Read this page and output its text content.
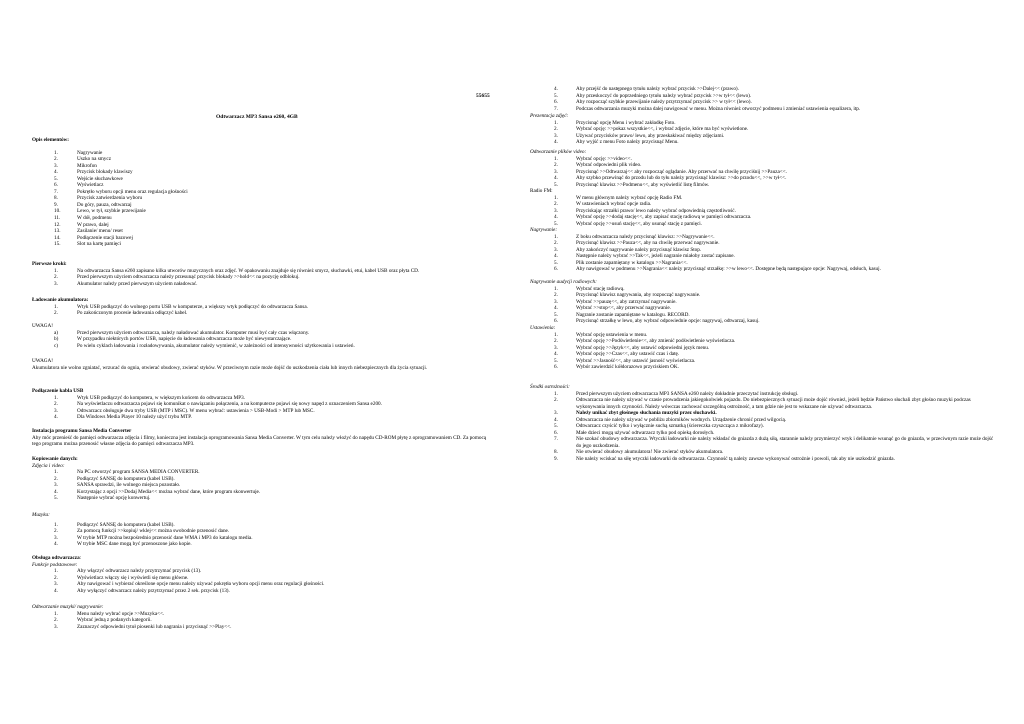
55655
Odtwarzacz MP3 Sansa e260, 4GB
Opis elementów:
1.	Nagrywanie
2.	Uszko na smycz
3.	Mikrofon
4.	Przycisk blokady klawiszy
5.	Wejście słuchawkowe
6.	Wyświetlacz
7.	Pokrętło wyboru opcji menu oraz regulacja głośności
8.	Przycisk zatwierdzenia wyboru
9.	Do góry, pauza, odtwarzaj
10.	Lewo, w tył, szybkie przewijanie
11.	W dół, podmenu
12.	W prawo, dalej
13.	Zasilanie/ menu/ reset
14.	Podłączenie stacji bazowej
15.	Slot na kartę pamięci
Pierwsze kroki:
1.	Na odtwarzacza Sansa e260 zapisano kilka utworów muzycznych oraz zdjęć. W opakowaniu znajduje się również smycz, słuchawki, etui, kabel USB oraz płyta CD.
2.	Przed pierwszym użyciem odtwarzacza należy przesunąć przycisk blokady >>hold<< na pozycję odblokuj.
3.	Akumulator należy przed pierwszym użyciem naładować.
Ładowanie akumulatora:
1.	Wtyk USB podłączyć do wolnego portu USB w komputerze, a większy wtyk podłączyć do odtwarzacza Sansa.
2.	Po zakończonym procesie ładowania odłączyć kabel.
UWAGA!
a)	Przed pierwszym użyciem odtwarzacza, należy naładować akumulator. Komputer musi być cały czas włączony.
b)	W przypadku niektórych portów USB, napięcie do ładowania odtwarzacza może być niewystarczające.
c)	Po wielu cyklach ładowania i rozładowywania, akumulator należy wymienić, w zależności od intensywności użytkowania i ustawień.
UWAGA!

Akumulatora nie wolno zgniatać, wrzucać do ognia, otwierać obudowy, zwierać styków. W przeciwnym razie może dojść do uszkodzenia ciała lub innych niebezpiecznych dla życia sytuacji.

Podłączenie kabla USB
1.	Wtyk USB podłączyć do komputera, w większym końcem do odtwarzacza MP3.
2.	Na wyświetlaczu odtwarzacza pojawi się komunikat o nawiązaniu połączenia, a na komputerze pojawi się nowy napęd z oznaczeniem Sansa e200.
3.	Odtwarzacz obsługuje dwa tryby USB (MTP i MSC). W menu wybrać: ustawienia > USB-Modi > MTP lub MSC.
4.	Dla Windows Media Player 10 należy użyć trybu MTP.
Instalacja programu Sansa Media Converter

Aby móc przenieść do pamięci odtwarzacza zdjęcia i filmy, konieczna jest instalacja oprogramowania Sansa Media Converter. W tym celu należy włożyć do napędu CD-ROM płytę z oprogramowaniem CD. Za pomocą tego programu można przenosić własne zdjęcia do pamięci odtwarzacza MP3.

Kopiowanie danych:
Zdjęcia i video:
1.	Na PC otworzyć program SANSA MEDIA CONVERTER.
2.	Podłączyć SANSĘ do komputera (kabel USB).
3.	SANSA sprawdzi, ile wolnego miejsca pozostało.
4.	Korzystając z opcji >>Dodaj Media<< można wybrać dane, które program skonwertuje.
5.	Następnie wybrać opcję konwertuj.
Muzyka:
1.	Podłączyć SANSĘ do komputera (kabel USB).
2.	Za pomocą funkcji >>kopiuj/ wklej<< można swobodnie przenosić dane.
3.	W trybie MTP można bezpośrednio przenosić dane WMA i MP3 do katalogu media.
4.	W trybie MSC dane mogą być przenoszone jako kopie.
Obsługa odtwarzacza:
Funkcje podstawowe:
1.	Aby włączyć odtwarzacz należy przytrzymać przycisk (13).
2.	Wyświetlacz włączy się i wyświetli się menu główne.
3.	Aby nawigować i wybierać określone opcje menu należy używać pokrętła wyboru opcji menu oraz regulacji głośności.
4.	Aby wyłączyć odtwarzacz należy przytrzymać przez 2 sek. przycisk (13).
Odtwarzanie muzyki/ nagrywanie:
1.	Menu należy wybrać opcje >>Muzyka<<.
2.	Wybrać jedną z podanych kategorii.
3.	Zaznaczyć odpowiedni tytuł piosenki lub nagrania i przycisnąć >>Play<<.
4.	Aby przejść do następnego tytułu należy wybrać przycisk >>Dalej<< (prawo).
5.	Aby przeskoczyć do poprzedniego tytułu należy wybrać przycisk >>w tył<< (lewo).
6.	Aby rozpocząć szybkie przewijanie należy przytrzymać przycisk >> w tył<< (lewo).
7.	Podczas odtwarzania muzyki można dalej nawigować w menu. Można również otworzyć podmenu i zmieniać ustawienia equalizera, itp.
Prezentacja zdjęć:
1.	Przycisnąć opcję Menu i wybrać zakładkę Foto.
2.	Wybrać opcję: >>pokaz wszystkie<<, i wybrać zdjęcie, które ma być wyświetlone.
3.	Używać przycisków prawo/ lewo, aby przeskakiwać między zdjęciami.
4.	Aby wyjść z menu Foto należy przycisnąć Menu.
Odtwarzanie plików video:
1.	Wybrać opcję: >>video<<.
2.	Wybrać odpowiedni plik video.
3.	Przycisnąć >>Odtwarzaj<< aby rozpocząć oglądanie. Aby przerwać na chwilę przyciśnij >>Pauza<<.
4.	Aby szybko przewinąć do przodu lub do tyłu należy przycisnąć klawisz: >>do przodu<<, >>w tył<<.
5.	Przycisnąć klawisz >>Podmenu<<, aby wyświetlić listę filmów.
Radio FM:
1.	W menu głównym należy wybrać opcję Radio FM.
2.	W ustawieniach wybrać opcje radia.
3.	Przyciskając strzałki prawo/ lewo należy wybrać odpowiednią częstotliwość.
4.	Wybrać opcję >>dodaj stację<<, aby zapisać stację radiową w pamięci odtwarzacza.
5.	Wybrać opcję >>usuń stację<<, aby usunąć stację z pamięci.
Nagrywanie:
1.	Z boku odtwarzacza należy przycisnąć klawisz: >>Nagrywanie<<.
2.	Przycisnąć klawisz >>Pauza<<, aby na chwilę przerwać nagrywanie.
3.	Aby zakończyć nagrywanie należy przycisnąć klawisz Stop.
4.	Następnie należy wybrać >>Tak<<, jeżeli nagranie miałoby zostać zapisane.
5.	Plik zostanie zapamiętany w katalogu >>Nagrania<<.
6.	Aby nawigować w podmenu >>Nagrania<< należy przycisnąć strzałkę: >>w lewo<<. Dostępne będą następujące opcje: Nagrywaj, odsłuch, kasuj.
Nagrywanie audycji radiowych:
1.	Wybrać stację radiową.
2.	Przycisnąć klawisz nagrywania, aby rozpocząć nagrywanie.
3.	Wybrać >>pauzę<<, aby zatrzymać nagrywanie.
4.	Wybrać >>stop<<, aby przerwać nagrywanie.
5.	Nagranie zostanie zapamiętane w katalogu. RECORD.
6.	Przycisnąć strzałkę w lewo, aby wybrać odpowiednie opcje: nagrywaj, odtwarzaj, kasuj.
Ustawienia:
1.	Wybrać opcję ustawienia w menu.
2.	Wybrać opcję >>Podświetlenie<<, aby zmienić podświetlenie wyświetlacza.
3.	Wybrać opcję >>Język<<, aby ustawić odpowiedni język menu.
4.	Wybrać opcję >>Czas<<, aby ustawić czas i datę.
5.	Wybrać >>Jasność<<, aby ustawić jasność wyświetlacza.
6.	Wybór zawierdzić kółdorazowo przyciskiem OK.
Środki ostrożności:
1.	Przed pierwszym użyciem odtwarzacza MP3 SANSA e260 należy dokładnie przeczytać instrukcję obsługi.
2.	Odtwarzacza nie należy używać w czasie prowadzenia jakiegokolwiek pojazdu. Do niebezpiecznych sytuacji może dojść również, jeżeli będzie Państwo słuchali zbyt głośno muzyki podczas wykonywania innych czynności. Należy wówczas zachować szczególną ostrożność, a tam gdzie nie jest to wskazane nie używać odtwarzacza.
3.	Należy unikać zbyt głośnego słuchania muzyki przez słuchawki.
4.	Odtwarzacza nie należy używać w pobliżu zbiorników wodnych. Urządzenie chronić przed wilgocią.
5.	Odtwarzacz czyścić tylko i wyłącznie suchą szmatką (ściereczka czyszcząca z mikrofazy).
6.	Małe dzieci mogą używać odtwarzacz tylko pod opieką dorosłych.
7.	Nie szokać obudowy odtwarzacza. Wtyczki ładowarki nie należy wkładać do gniazda z dużą siłą, starannie należy przymierzyć wtyk i delikatnie wsunąć go do gniazda, w przeciwnym razie może dojść do jego uszkodzenia.
8.	Nie otwierać obudowy akumulatora! Nie zwierać styków akumulatora.
9.	Nie należy wciskać na siłę wtyczki ładowarki do odtwarzacza. Czynność tą należy zawsze wykonywać ostrożnie i powoli, tak aby nie uszkodzić gniazda.
